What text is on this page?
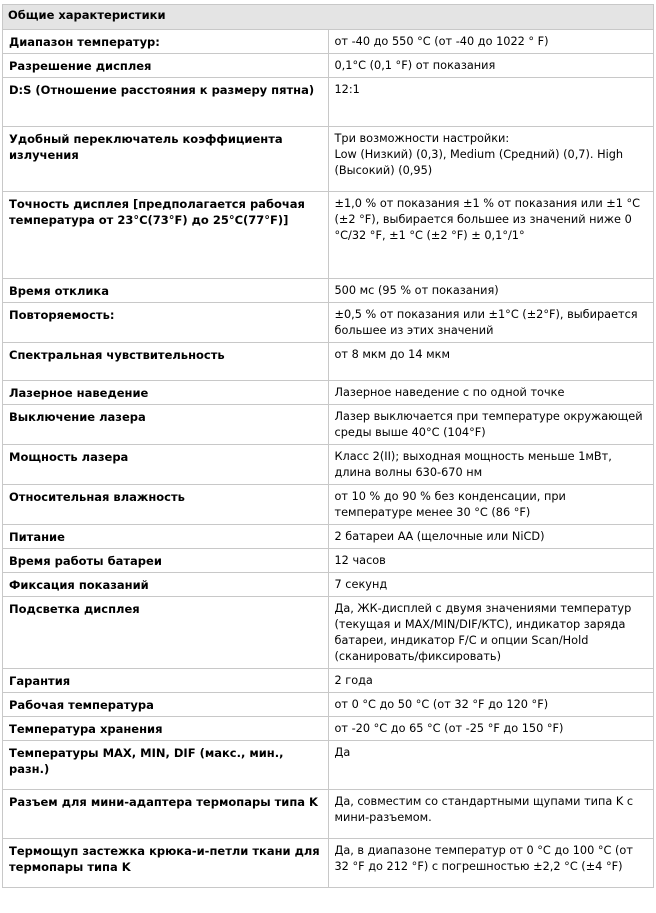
Общие характеристики	
Диапазон температур:	от -40 до 550 °C (от -40 до 1022 ° F)

Разрешение дисплея	0,1°C (0,1 °F) от показания

D:S (Отношение расстояния к размеру пятна)	12:1

Удобный переключатель коэффициента излучения	Три возможности настройки:
Low (Низкий) (0,3), Medium (Средний) (0,7). High (Высокий) (0,95)

Точность дисплея [предполагается рабочая температура от 23°C(73°F) до 25°C(77°F)]	±1,0 % от показания ±1 % от показания или ±1 °C (±2 °F), выбирается большее из значений ниже 0 °C/32 °F, ±1 °C (±2 °F) ± 0,1°/1°

Время отклика	500 мс (95 % от показания)

Повторяемость:	±0,5 % от показания или ±1°C (±2°F), выбирается большее из этих значений

Спектральная чувствительность	от 8 мкм до 14 мкм

Лазерное наведение	Лазерное наведение с по одной точке

Выключение лазера	Лазер выключается при температуре окружающей среды выше 40°C (104°F)

Мощность лазера	Класс 2(II); выходная мощность меньше 1мВт, длина волны 630-670 нм

Относительная влажность	от 10 % до 90 % без конденсации, при температуре менее 30 °C (86 °F)

Питание	2 батареи АА (щелочные или NiCD)

Время работы батареи	12 часов

Фиксация показаний	7 секунд

Подсветка дисплея	Да, ЖК-дисплей с двумя значениями температур (текущая и MAX/MIN/DIF/КТС), индикатор заряда батареи, индикатор F/C и опции Scan/Hold (сканировать/фиксировать)

Гарантия	2 года

Рабочая температура	от 0 °C до 50 °C (от 32 °F до 120 °F)

Температура хранения	от -20 °C до 65 °C (от -25 °F до 150 °F)

Температуры MAX, MIN, DIF (макс., мин., разн.)	Да

Разъем для мини-адаптера термопары типа K	Да, совместим со стандартными щупами типа K с мини-разъемом.

Термощуп застежка крюка-и-петли ткани для термопары типа K	Да, в диапазоне температур от 0 °C до 100 °C (от 32 °F до 212 °F) с погрешностью ±2,2 °C (±4 °F)
